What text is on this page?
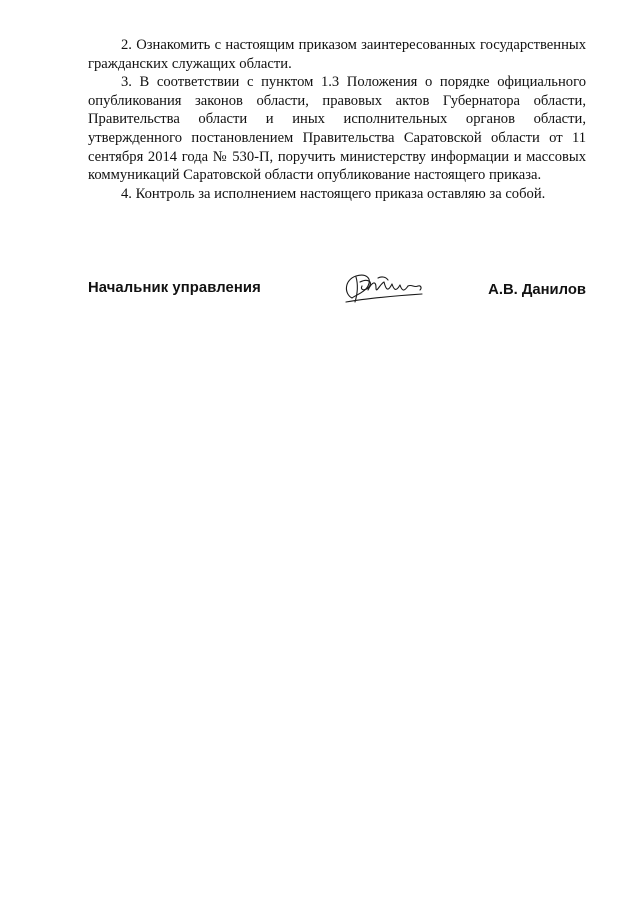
2. Ознакомить с настоящим приказом заинтересованных государственных гражданских служащих области.

3. В соответствии с пунктом 1.3 Положения о порядке официального опубликования законов области, правовых актов Губернатора области, Правительства области и иных исполнительных органов области, утвержденного постановлением Правительства Саратовской области от 11 сентября 2014 года № 530-П, поручить министерству информации и массовых коммуникаций Саратовской области опубликование настоящего приказа.

4. Контроль за исполнением настоящего приказа оставляю за собой.

Начальник управления	А.В. Данилов
